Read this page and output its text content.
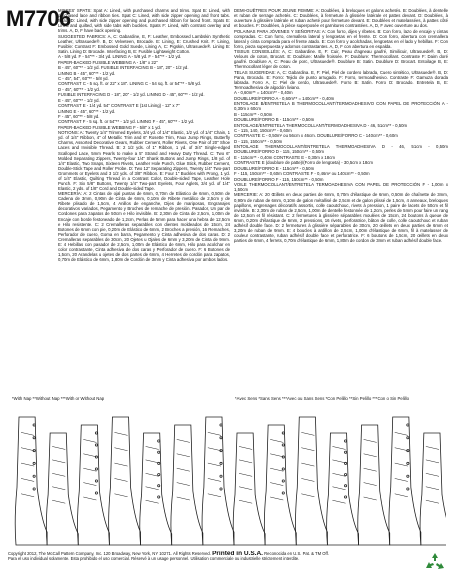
M7706

MISSES' SPATS: Spat A: Lined, with purchased charms and trims. Spat B: Lined, with purchased lace and ribbon ties. Spat C: Lined, with side zipper opening and front tabs. Spats D: Lined, with side zipper opening and purchased ribbon for laced front. Spats E: Lined and quilted, with side tabs with buckles. Spats F: Lined, with contrast overlay and trims. A, D, F have back opening.

SUGGESTED FABRICS: A, C: Gabardine, E, F: Leather, Embossed Lambskin Synthetic Leather, Ultrasuede®. B, D: Velveteen, Brocade. E: Lining, E: Crushed Knit. F: Lining, Fusible: Contrast F: Embossed Gold Suede, Lining A, C: Pigskin, Ultrasuede®. Lining B: Satin. Lining D: Brocade. Interfacing B, E: Fusible Lightweight Cotton.

A - 5/8 yd. F - 54"** - 3/4 yd. LINING A - 5/8 yd. F - 54"** - 1/2 yd.

PAPER-BACKED FUSIBLE WEBBING A - 1/8" x 22"

B - 45", 60"** - 1/2 yd. FUSIBLE INTERFACING B - 18", 20" - 1/2 yd.

LINING B - 45", 60"** - 1/2 yd.

C - 45", 54", 60"** - 5/8 yd.

CONTRAST C - 5 sq. ft. or 22" x 18". LINING C - 54 sq. ft. or 54"** - 5/8 yd.

D - 45", 60"** - 1/2 yd.

FUSIBLE INTERFACING D - 18", 20" - 1/2 yd. LINING D - 45", 60"** - 1/2 yd.

E - 45", 60"** - 1/2 yd.

CONTRAST E - 1/4 yd. 54" CONTRAST E (1st Lining) - 12" x 7"

LINING E - 45", 60"** - 1/2 yd.

F - 45", 60"** - 5/8 yd.

CONTRAST F - 5 sq. ft. or 54"** - 1/2 yd. LINING F - 45", 60"** - 1/2 yd.

PAPER-BACKED FUSIBLE WEBBING F - 5/8" x 1 yd.

NOTIONS: A: Twenty 1/4" Trimmed Eyelets, 3/4 yd. of 1/4" Elastic, 1/2 yd. of 1/4" Chain, 1 yd. of 1/4" Ribbon, 4" of Metallic Trim and 6" Rosette Trim, Faux Jump Rings, Butterfly Charms, Assorted Decorative Gears, Rubber Cement, Roller Rivets, One Pair of 20" Shoe Laces and Invisible Thread. B: 2 1/2 yds. of 1" Ribbon, 1 yd. of 3/4" Single-edged Scalloped Lace, 5mm Pearls to make a 5" Strand and Heavy Duty Thread. C: Two 6" Molded Separating Zippers, Twenty-four 1/4" Shank Buttons and Jump Rings, 1/8 yd. of 1/4" Elastic, Two Snaps, Sixteen Rivets, Leather Hole Punch, Glue Stick, Rubber Cement, Double-Stick Tape and Roller Probe. D: Two 12" Separating Zippers, Twenty 1/4" Two-part Grommets or Eyelets and 3 1/2 yds. of 3/8" Ribbon. E: Four 1" Buckles with Prong, 1 yd. of 1/4" Elastic, Quilting Thread in a Contrast Color, Double-sided Tape, Leather Hole Punch. F: Six 5/8" Buttons, Twenty 1/4" Two-part Eyelets, Four Aglets, 3/4 yd. of 1/4" Elastic, 2 yds. of 1/8" Cord and Double-sided Tape.

MERCERÍA: A: 2 Cintas de ojal puntas de 6mm, 0,70m de Elástico de 6mm, 0,50m de Cadena de 3mm, 0,90m de Cinta de 6mm, 0,10m de Ribete metálico de 2,5cm y de Ribete plisado de 1,5cm, 4 Anillos de enganche, Dijes de mariposas, Engranajes decorativos variados, Pegamento y Broches de remache de presión. Pasador, Un par de Cordones para zapatos de 50cm e Hilo invisible. B: 2,30m de Cinta de 2,5cm, 1,00m de Encaje con borde festoneado de 1,2cm, Perlas de 5mm para hacer una hebra de 12,5cm e Hilo resistente. C: 2 Cremalleras separables con dientes moldeados de 15cm, 24 Botones de 6mm con pie, 0,20m de Elástico de 6mm, 2 Broches a presión, 16 Remaches, Perforador de cuero, Goma en barra, Pegamento y Cinta adhesiva de dos caras. D: 2 Cremalleras separables de 30cm, 20 Ojetes u Ojales de 6mm y 3,20m de Cinta de 9mm. E: 4 Hebillas con pasador de 2,5cm, 1,00m de Elástico de 6mm, Hilo para acolchar en color contrastante, Cinta adhesiva de dos caras y Perforador de cuero. F: 6 Botones de 1,5cm, 20 Arandelas u ojetes de dos partes de 6mm, 4 Herretes de cordón para zapatos, 0,70m de Elástico de 6mm, 1,80m de Cordón de 3mm y Cinta adhesiva por ambos lados.

DEMI-GUÊTRES POUR JEUNE FEMME: A: Doublées, à breloques et galons achetés. B: Doublées, à dentelle et ruban de serrage achetés. C: Doublées, à fermeture à glissière latérale et pattes devant. D: Doublées, à ouverture à glissière latérale et ruban acheté pour fermeture devant. E: Doublées et matelassées, à pattes côté et boucles. F: Doublées, à pièce superposée et garnitures contrastées. A, D, F avec ouverture au dos.

POLAINAS PARA JÓVENES Y SEÑORITAS: A: Con forro, dijes y ribetes. B: Con forro, lazo de encaje y cintas compradas. C: Con forro, cremallera lateral y lengüetas en el frente. D: Con forro, abertura con cremallera lateral y cinta comprada para el frente atado. E: Con forro y acolchadas, lengüetas en el lado y hebillas. F: Con forro, pieza superpuesta y adornos contrastantes. A, D, F con abertura en espalda.

TISSUS CONSEILLÉS: A, C: Gabardine. E, F: Cuir, Peau d'agneau gaufré, Similicuir, Ultrasuede®. B, D: Velours de coton, Brocart. E: Doublure: Maille froissée. F: Doublure: Thermocollant. Contraste F: Daim doré gaufré. Doublure A, C: Peau de porc, Ultrasuede®. Doublure B: Satin. Doublure D: Brocart. Entoilage B, E: Thermocollant léger de coton.

TELAS SUGERIDAS: A, C: Gabardina. E, F: Piel, Piel de cordero labrada, Cuero sintético, Ultrasuede®. B, D: Pana, Brocado. E: Forro: Tejido de punto arrugado. F: Forro, termoadhesivo. Contraste F: Gamuza dorada labrada. Forro A, C: Piel de cerdo, Ultrasuede®. Forro B: Satín. Forro D: Brocado. Entretela B, E: Termoadhesiva de algodón liviano.

A - 0,60m** = 140cm** - 0,40m

DOUBLURE/FORRO A - 0,60m** = 140cm** - 0,40m

ENTOILAGE B/ENTRETELA B THERMOCOLLANT/TERMOADHESIVO CON PAPEL DE PROTECCIÓN A - 0,30m x 60cm

B - 115cm** - 0,50m

DOUBLURE/FORRO B - 115cm** - 0,50m

ENTOILAGE/ENTRETELA THERMOCOLLANT/TERMOADHESIVA D - 46, 51cm** - 0,50m

C - 115, 140, 150cm** - 0,60m

CONTRASTE C - 0,50m² ou 56cm x 46cm. DOUBLURE/FORRO C - 140cm** - 0,60m

D - 115, 150cm** - 0,50m

ENTOILAGE THERMOCOLLANT/ENTRETELA THERMOADHESIVA D - 46, 51cm - 0,50m DOUBLURE/FORRO D - 115, 150cm** - 0,50m

E - 115cm** - 0,40m CONTRASTE E - 0,30m x 18cm

CONTRASTE E (doublure de patte)/(Forro de lengüeta) - 30,5cm x 18cm

DOUBLURE/FORRO E - 115cm** - 0,50m

F - 115, 150cm** - 0,60m CONTRASTE F - 0,46m² ou 140cm** - 0,50m

DOUBLURE/FORRO F - 115, 150cm** - 0,50m

VOILE THERMOCOLLANT/ENTRETELA TERMOADHESIVA CON PAPEL DE PROTECCIÓN F - 1,00m x 1,50cm

MERCERIE: A: 20 Œillets en deux parties de 6mm, 0,70m d'élastique de 6mm, 0,50m de chaînette de 3mm, 0,90m de ruban de 6mm, 0,10m de galon métallisé de 2,5cm et de galon plissé de 1,5cm, 4 anneaux, breloques papillons, engrenages décoratifs assortis, colle caoutchouc, rivets à pression, 1 paire de lacets de 50cm et fil invisible. B: 2,30m de ruban de 2,5cm, 1,00m de dentelle festonnée de 1,2cm, perles de 5mm pour faire un rang de 12,5cm et fil résistant. C: 2 fermetures à glissière séparables moulées de 15cm, 24 boutons à queue de 6mm, 0,20m d'élastique de 6mm, 2 pressions, 16 rivets, perforatrice, bâton de colle, colle caoutchouc et ruban adhésif double face. D: 2 fermetures à glissière séparables de 30cm, 20 œillets en deux parties de 6mm et 3,20m de ruban de 9mm. E: 4 boucles à ardillon de 2,5cm, 1,00m d'élastique de 6mm, fil à matelasser de couleur contrastante, ruban adhésif double face et perforatrice. F: 6 boutons de 1,5cm, 20 œillets en deux parties de 6mm, 4 ferrets, 0,70m d'élastique de 6mm, 1,80m de cordon de 3mm et ruban adhésif double face.

*With Nap **Without Nap ***With or Without Nap	*Avec Sens *Sans Sens ***Avec ou Sans Sens *Con Pelillo **Sin Pelillo ***Con o Sin Pelillo
Copyright 2012, The McCall Pattern Company, Inc. 120 Broadway, New York, NY 10271. All Rights Reserved. Printed in U.S.A. Reconocida en U.S. Pat. & TM Off.
Para el uso individual solamente. Esta prohibido el uso comercial. Réservé à un usage personnel. Utilisation commerciale ou industrielle strictement interdite.
